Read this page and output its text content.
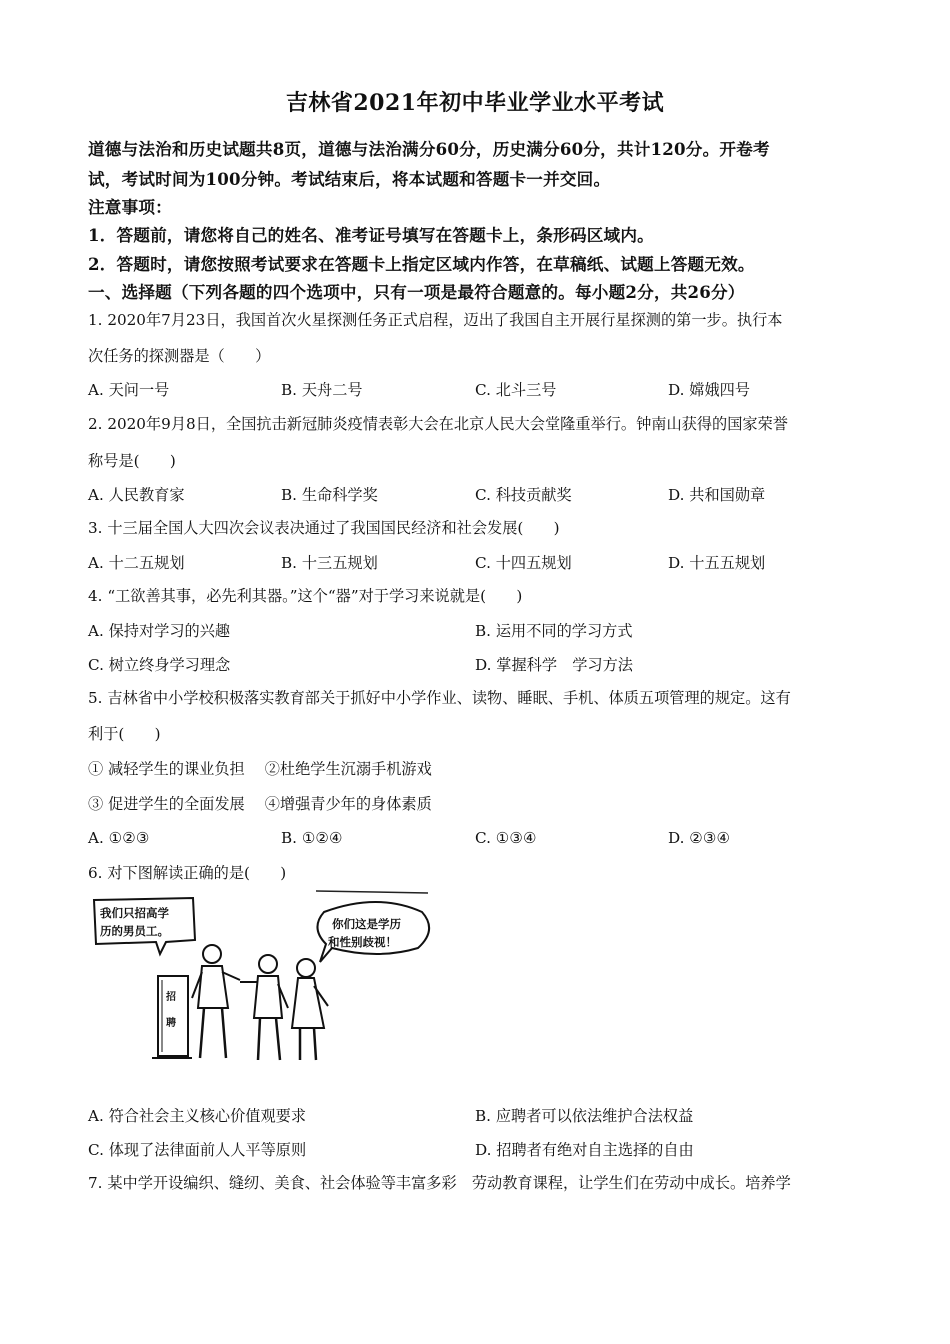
吉林省2021年初中毕业学业水平考试
道德与法治和历史试题共8页，道德与法治满分60分，历史满分60分，共计120分。开卷考
试，考试时间为100分钟。考试结束后，将本试题和答题卡一并交回。
注意事项：
1．答题前，请您将自己的姓名、准考证号填写在答题卡上，条形码区域内。
2．答题时，请您按照考试要求在答题卡上指定区域内作答，在草稿纸、试题上答题无效。
一、选择题（下列各题的四个选项中，只有一项是最符合题意的。每小题2分，共26分）
1. 2020年7月23日，我国首次火星探测任务正式启程，迈出了我国自主开展行星探测的第一步。执行本
次任务的探测器是（　　）
A. 天问一号	B. 天舟二号	C. 北斗三号	D. 嫦娥四号
2. 2020年9月8日，全国抗击新冠肺炎疫情表彰大会在北京人民大会堂隆重举行。钟南山获得的国家荣誉
称号是(　　)
A. 人民教育家	B. 生命科学奖	C. 科技贡献奖	D. 共和国勋章
3. 十三届全国人大四次会议表决通过了我国国民经济和社会发展(　　)
A. 十二五规划	B. 十三五规划	C. 十四五规划	D. 十五五规划
4. “工欲善其事，必先利其器。”这个“器”对于学习来说就是(　　)
A. 保持对学习的兴趣	B. 运用不同的学习方式
C. 树立终身学习理念	D. 掌握科学　学习方法
5. 吉林省中小学校积极落实教育部关于抓好中小学作业、读物、睡眠、手机、体质五项管理的规定。这有
利于(　　)
① 减轻学生的课业负担　 ②杜绝学生沉溺手机游戏
③ 促进学生的全面发展　 ④增强青少年的身体素质
A. ①②③	B. ①②④	C. ①③④	D. ②③④
6. 对下图解读正确的是(　　)
我们只招高学
历的男员工。	你们这是学历
和性别歧视！
招
聘
A. 符合社会主义核心价值观要求	B. 应聘者可以依法维护合法权益
C. 体现了法律面前人人平等原则	D. 招聘者有绝对自主选择的自由
7. 某中学开设编织、缝纫、美食、社会体验等丰富多彩　劳动教育课程，让学生们在劳动中成长。培养学
